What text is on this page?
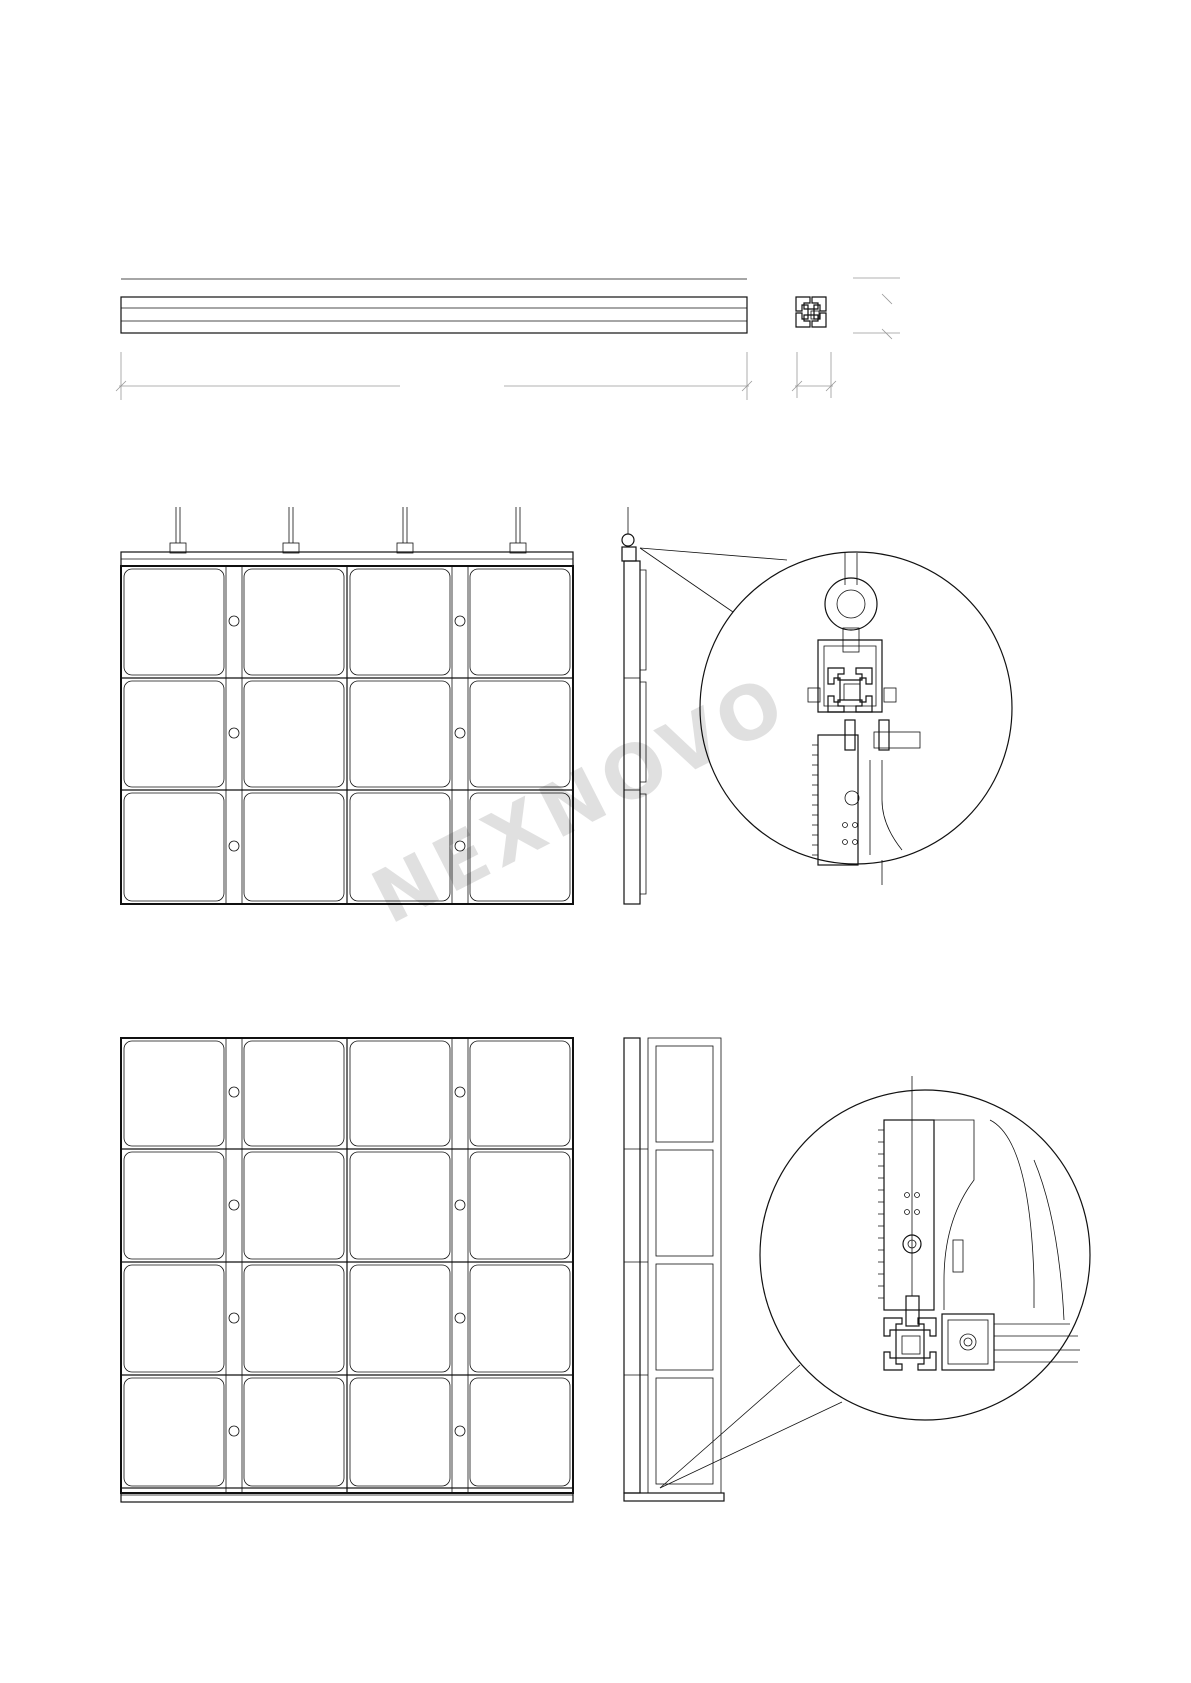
NEXNOVO
